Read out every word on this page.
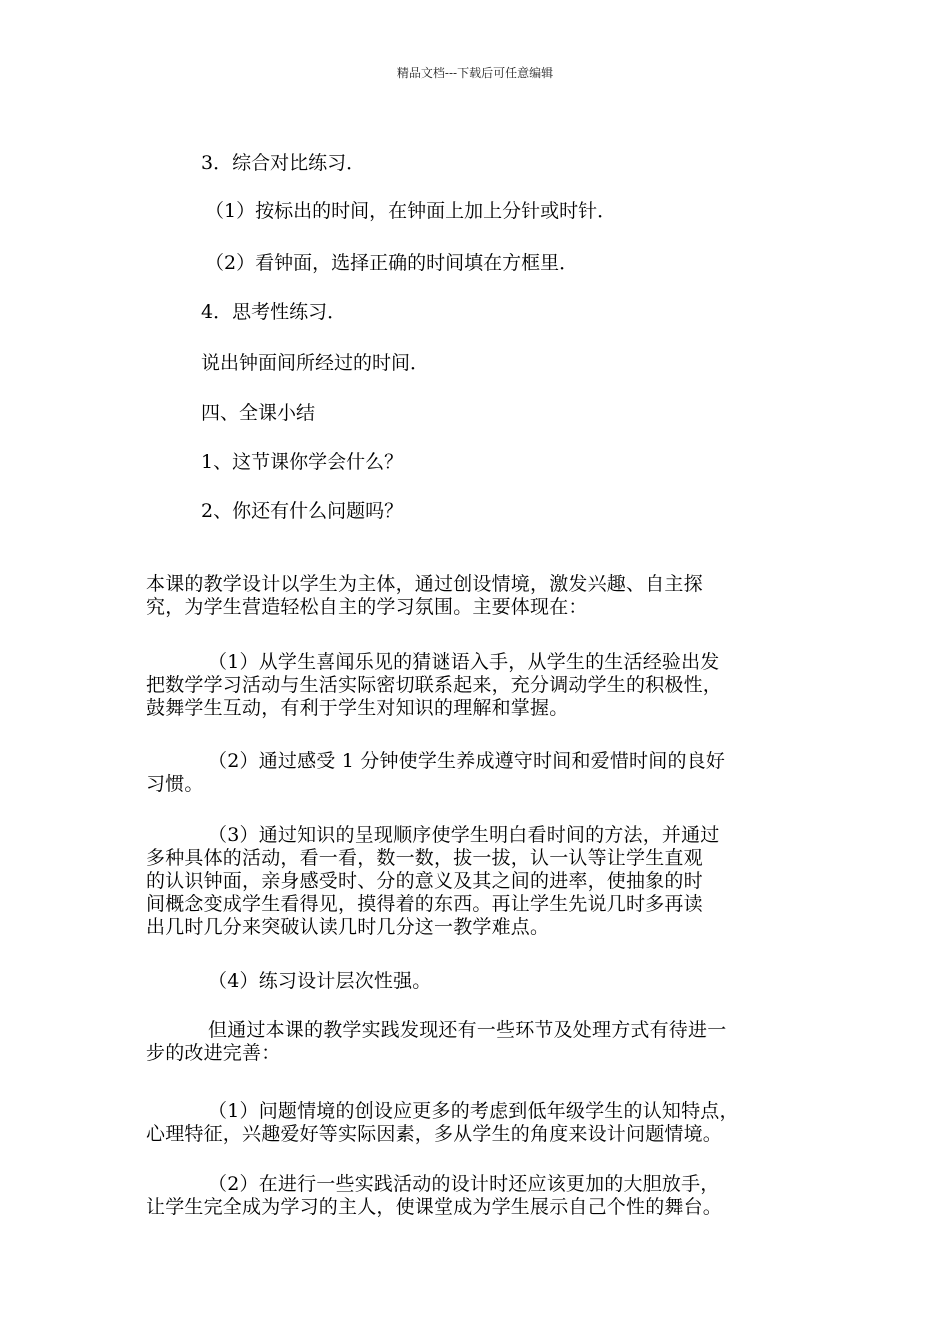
精品文档---下载后可任意编辑
3．综合对比练习．
（1）按标出的时间，在钟面上加上分针或时针．
（2）看钟面，选择正确的时间填在方框里．
4．思考性练习．
说出钟面间所经过的时间．
四、全课小结
1、这节课你学会什么？
2、你还有什么问题吗？
本课的教学设计以学生为主体，通过创设情境，激发兴趣、自主探
究，为学生营造轻松自主的学习氛围。主要体现在：
（1）从学生喜闻乐见的猜谜语入手，从学生的生活经验出发
把数学学习活动与生活实际密切联系起来，充分调动学生的积极性，
鼓舞学生互动，有利于学生对知识的理解和掌握。
（2）通过感受 1 分钟使学生养成遵守时间和爱惜时间的良好
习惯。
（3）通过知识的呈现顺序使学生明白看时间的方法，并通过
多种具体的活动，看一看，数一数，拔一拔，认一认等让学生直观
的认识钟面，亲身感受时、分的意义及其之间的进率，使抽象的时
间概念变成学生看得见，摸得着的东西。再让学生先说几时多再读
出几时几分来突破认读几时几分这一教学难点。
（4）练习设计层次性强。
但通过本课的教学实践发现还有一些环节及处理方式有待进一
步的改进完善：
（1）问题情境的创设应更多的考虑到低年级学生的认知特点，
心理特征，兴趣爱好等实际因素，多从学生的角度来设计问题情境。
（2）在进行一些实践活动的设计时还应该更加的大胆放手，
让学生完全成为学习的主人，使课堂成为学生展示自己个性的舞台。
